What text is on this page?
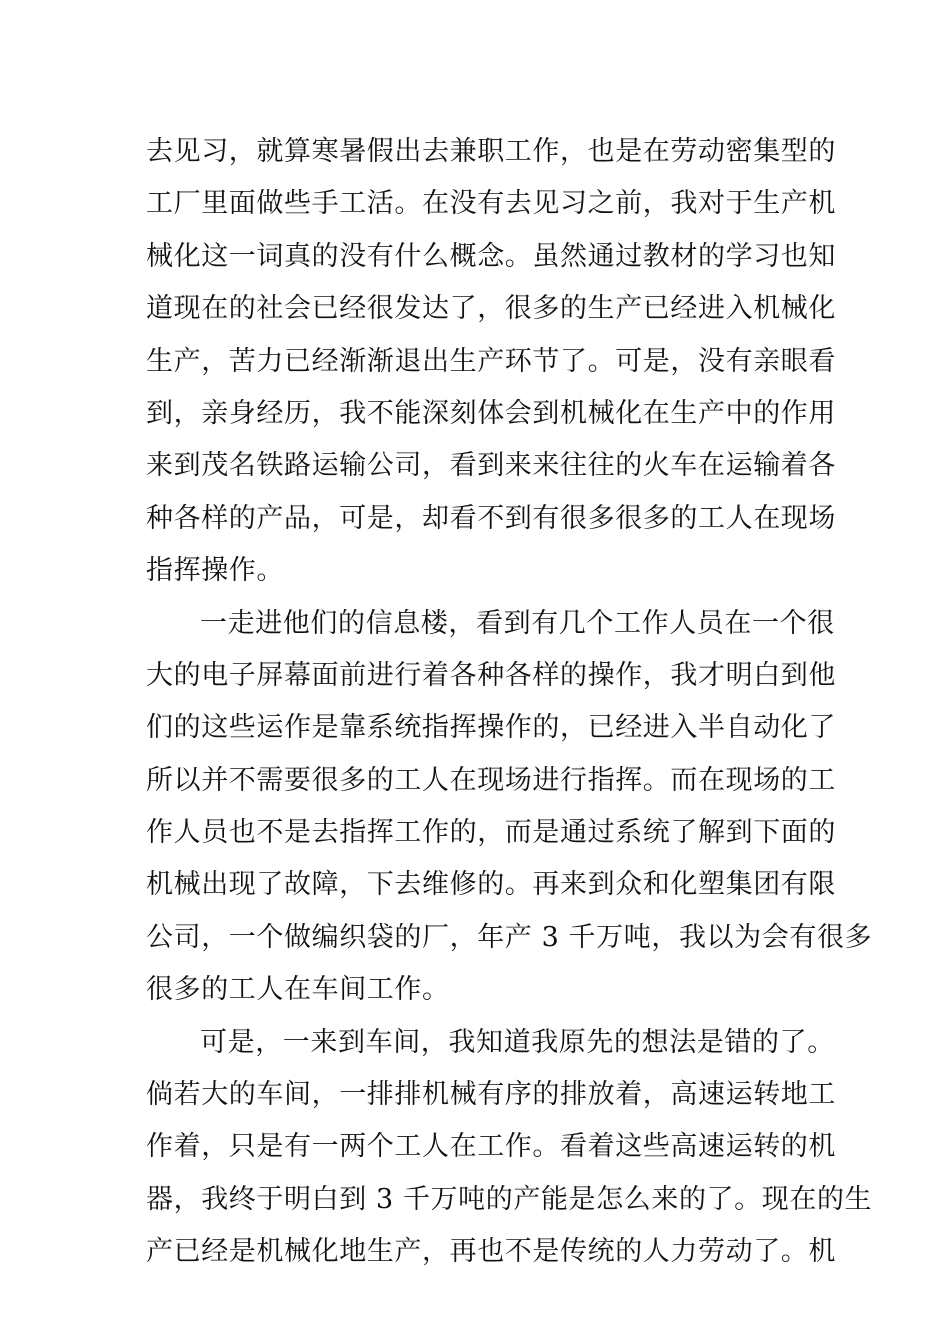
去见习，就算寒暑假出去兼职工作，也是在劳动密集型的
工厂里面做些手工活。在没有去见习之前，我对于生产机
械化这一词真的没有什么概念。虽然通过教材的学习也知
道现在的社会已经很发达了，很多的生产已经进入机械化
生产，苦力已经渐渐退出生产环节了。可是，没有亲眼看
到，亲身经历，我不能深刻体会到机械化在生产中的作用
来到茂名铁路运输公司，看到来来往往的火车在运输着各
种各样的产品，可是，却看不到有很多很多的工人在现场
指挥操作。
一走进他们的信息楼，看到有几个工作人员在一个很
大的电子屏幕面前进行着各种各样的操作，我才明白到他
们的这些运作是靠系统指挥操作的，已经进入半自动化了
所以并不需要很多的工人在现场进行指挥。而在现场的工
作人员也不是去指挥工作的，而是通过系统了解到下面的
机械出现了故障，下去维修的。再来到众和化塑集团有限
公司，一个做编织袋的厂，年产 3 千万吨，我以为会有很多
很多的工人在车间工作。
可是，一来到车间，我知道我原先的想法是错的了。
倘若大的车间，一排排机械有序的排放着，高速运转地工
作着，只是有一两个工人在工作。看着这些高速运转的机
器，我终于明白到 3 千万吨的产能是怎么来的了。现在的生
产已经是机械化地生产，再也不是传统的人力劳动了。机
